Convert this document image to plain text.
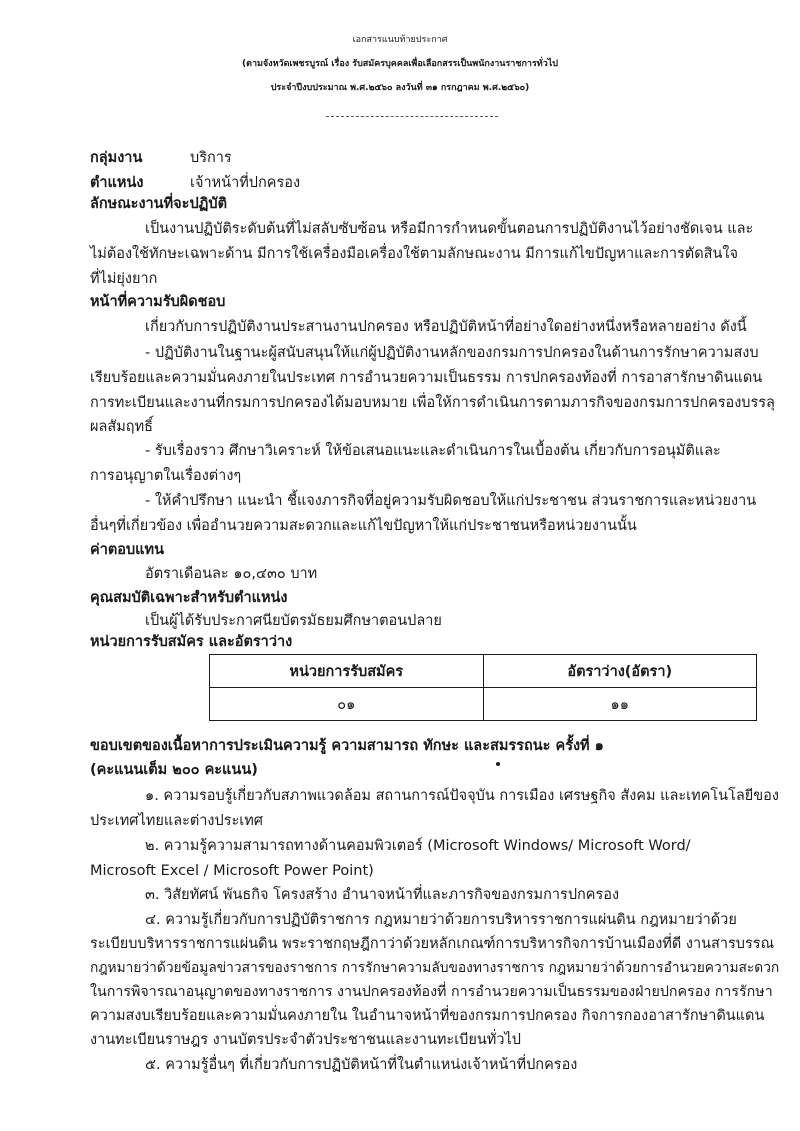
เอกสารแนบท้ายประกาศ
(ตามจังหวัดเพชรบูรณ์ เรื่อง รับสมัครบุคคลเพื่อเลือกสรรเป็นพนักงานราชการทั่วไป
ประจำปีงบประมาณ พ.ศ.๒๕๖๐ ลงวันที่ ๓๑ กรกฎาคม พ.ศ.๒๕๖๐)
กลุ่มงาน	บริการ
ตำแหน่ง	เจ้าหน้าที่ปกครอง
ลักษณะงานที่จะปฏิบัติ
เป็นงานปฏิบัติระดับต้นที่ไม่สลับซับซ้อน หรือมีการกำหนดขั้นตอนการปฏิบัติงานไว้อย่างชัดเจน และ
ไม่ต้องใช้ทักษะเฉพาะด้าน มีการใช้เครื่องมือเครื่องใช้ตามลักษณะงาน มีการแก้ไขปัญหาและการตัดสินใจ
ที่ไม่ยุ่งยาก
หน้าที่ความรับผิดชอบ
เกี่ยวกับการปฏิบัติงานประสานงานปกครอง หรือปฏิบัติหน้าที่อย่างใดอย่างหนึ่งหรือหลายอย่าง ดังนี้
- ปฏิบัติงานในฐานะผู้สนับสนุนให้แก่ผู้ปฏิบัติงานหลักของกรมการปกครองในด้านการรักษาความสงบ
เรียบร้อยและความมั่นคงภายในประเทศ การอำนวยความเป็นธรรม การปกครองท้องที่ การอาสารักษาดินแดน
การทะเบียนและงานที่กรมการปกครองได้มอบหมาย เพื่อให้การดำเนินการตามภารกิจของกรมการปกครองบรรลุ
ผลสัมฤทธิ์
- รับเรื่องราว ศึกษาวิเคราะห์ ให้ข้อเสนอแนะและดำเนินการในเบื้องต้น เกี่ยวกับการอนุมัติและ
การอนุญาตในเรื่องต่างๆ
- ให้คำปรึกษา แนะนำ ชี้แจงภารกิจที่อยู่ความรับผิดชอบให้แก่ประชาชน ส่วนราชการและหน่วยงาน
อื่นๆที่เกี่ยวข้อง เพื่ออำนวยความสะดวกและแก้ไขปัญหาให้แก่ประชาชนหรือหน่วยงานนั้น
ค่าตอบแทน
อัตราเดือนละ ๑๐,๔๓๐ บาท
คุณสมบัติเฉพาะสำหรับตำแหน่ง
เป็นผู้ได้รับประกาศนียบัตรมัธยมศึกษาตอนปลาย
หน่วยการรับสมัคร และอัตราว่าง
หน่วยการรับสมัคร	อัตราว่าง(อัตรา)
๐๑	๑๑
ขอบเขตของเนื้อหาการประเมินความรู้ ความสามารถ ทักษะ และสมรรถนะ ครั้งที่ ๑
(คะแนนเต็ม ๒๐๐ คะแนน)
๑. ความรอบรู้เกี่ยวกับสภาพแวดล้อม สถานการณ์ปัจจุบัน การเมือง เศรษฐกิจ สังคม และเทคโนโลยีของ
ประเทศไทยและต่างประเทศ
๒. ความรู้ความสามารถทางด้านคอมพิวเตอร์ (Microsoft Windows/ Microsoft Word/
Microsoft Excel / Microsoft Power Point)
๓. วิสัยทัศน์ พันธกิจ โครงสร้าง อำนาจหน้าที่และภารกิจของกรมการปกครอง
๔. ความรู้เกี่ยวกับการปฏิบัติราชการ กฎหมายว่าด้วยการบริหารราชการแผ่นดิน กฎหมายว่าด้วย
ระเบียบบริหารราชการแผ่นดิน พระราชกฤษฎีกาว่าด้วยหลักเกณฑ์การบริหารกิจการบ้านเมืองที่ดี งานสารบรรณ
กฎหมายว่าด้วยข้อมูลข่าวสารของราชการ การรักษาความลับของทางราชการ กฎหมายว่าด้วยการอำนวยความสะดวก
ในการพิจารณาอนุญาตของทางราชการ งานปกครองท้องที่ การอำนวยความเป็นธรรมของฝ่ายปกครอง การรักษา
ความสงบเรียบร้อยและความมั่นคงภายใน ในอำนาจหน้าที่ของกรมการปกครอง กิจการกองอาสารักษาดินแดน
งานทะเบียนราษฎร งานบัตรประจำตัวประชาชนและงานทะเบียนทั่วไป
๕. ความรู้อื่นๆ ที่เกี่ยวกับการปฏิบัติหน้าที่ในตำแหน่งเจ้าหน้าที่ปกครอง
